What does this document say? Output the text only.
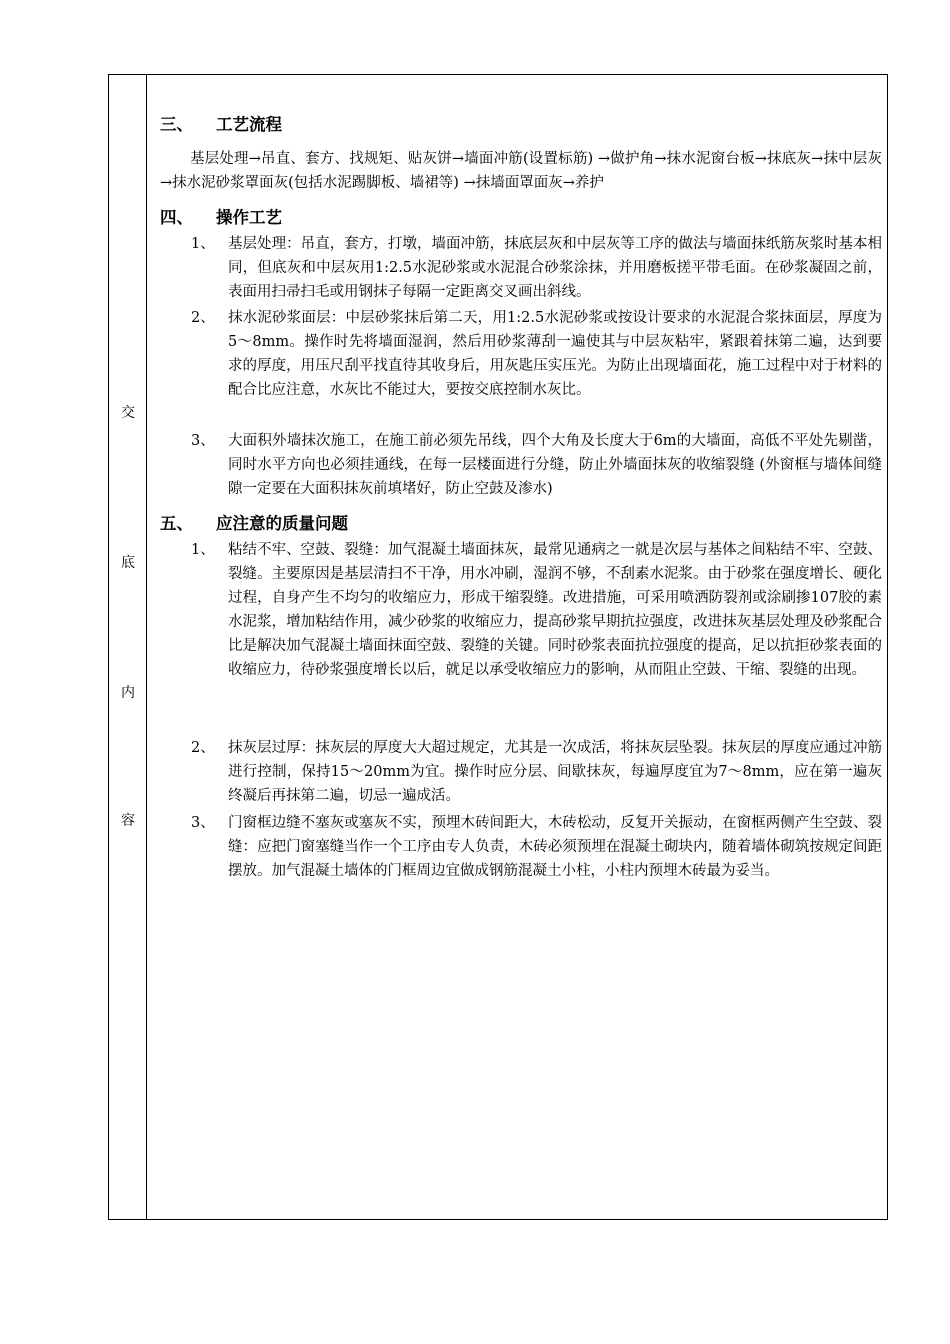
交
底
内
容
三、 工艺流程
基层处理→吊直、套方、找规矩、贴灰饼→墙面冲筋(设置标筋) →做护角→抹水泥窗台板→抹底灰→抹中层灰→抹水泥砂浆罩面灰(包括水泥踢脚板、墙裙等) →抹墙面罩面灰→养护
四、 操作工艺
1、 基层处理：吊直，套方，打墩，墙面冲筋，抹底层灰和中层灰等工序的做法与墙面抹纸筋灰浆时基本相同，但底灰和中层灰用1:2.5水泥砂浆或水泥混合砂浆涂抹，并用磨板搓平带毛面。在砂浆凝固之前，表面用扫帚扫毛或用钢抹子每隔一定距离交叉画出斜线。
2、 抹水泥砂浆面层：中层砂浆抹后第二天，用1:2.5水泥砂浆或按设计要求的水泥混合浆抹面层，厚度为5～8mm。操作时先将墙面湿润，然后用砂浆薄刮一遍使其与中层灰粘牢，紧跟着抹第二遍，达到要求的厚度，用压尺刮平找直待其收身后，用灰匙压实压光。为防止出现墙面花，施工过程中对于材料的配合比应注意，水灰比不能过大，要按交底控制水灰比。
3、 大面积外墙抹次施工，在施工前必须先吊线，四个大角及长度大于6m的大墙面，高低不平处先剔凿，同时水平方向也必须挂通线，在每一层楼面进行分缝，防止外墙面抹灰的收缩裂缝 (外窗框与墙体间缝隙一定要在大面积抹灰前填堵好，防止空鼓及渗水)
五、 应注意的质量问题
1、 粘结不牢、空鼓、裂缝：加气混凝土墙面抹灰，最常见通病之一就是次层与基体之间粘结不牢、空鼓、裂缝。主要原因是基层清扫不干净，用水冲刷，湿润不够，不刮素水泥浆。由于砂浆在强度增长、硬化过程，自身产生不均匀的收缩应力，形成干缩裂缝。改进措施，可采用喷洒防裂剂或涂刷掺107胶的素水泥浆，增加粘结作用，减少砂浆的收缩应力，提高砂浆早期抗拉强度，改进抹灰基层处理及砂浆配合比是解决加气混凝土墙面抹面空鼓、裂缝的关键。同时砂浆表面抗拉强度的提高，足以抗拒砂浆表面的收缩应力，待砂浆强度增长以后，就足以承受收缩应力的影响，从而阻止空鼓、干缩、裂缝的出现。
2、 抹灰层过厚：抹灰层的厚度大大超过规定，尤其是一次成活，将抹灰层坠裂。抹灰层的厚度应通过冲筋进行控制，保持15～20mm为宜。操作时应分层、间歇抹灰，每遍厚度宜为7～8mm，应在第一遍灰终凝后再抹第二遍，切忌一遍成活。
3、 门窗框边缝不塞灰或塞灰不实，预埋木砖间距大，木砖松动，反复开关振动，在窗框两侧产生空鼓、裂缝：应把门窗塞缝当作一个工序由专人负责，木砖必须预埋在混凝土砌块内，随着墙体砌筑按规定间距摆放。加气混凝土墙体的门框周边宜做成钢筋混凝土小柱，小柱内预埋木砖最为妥当。
